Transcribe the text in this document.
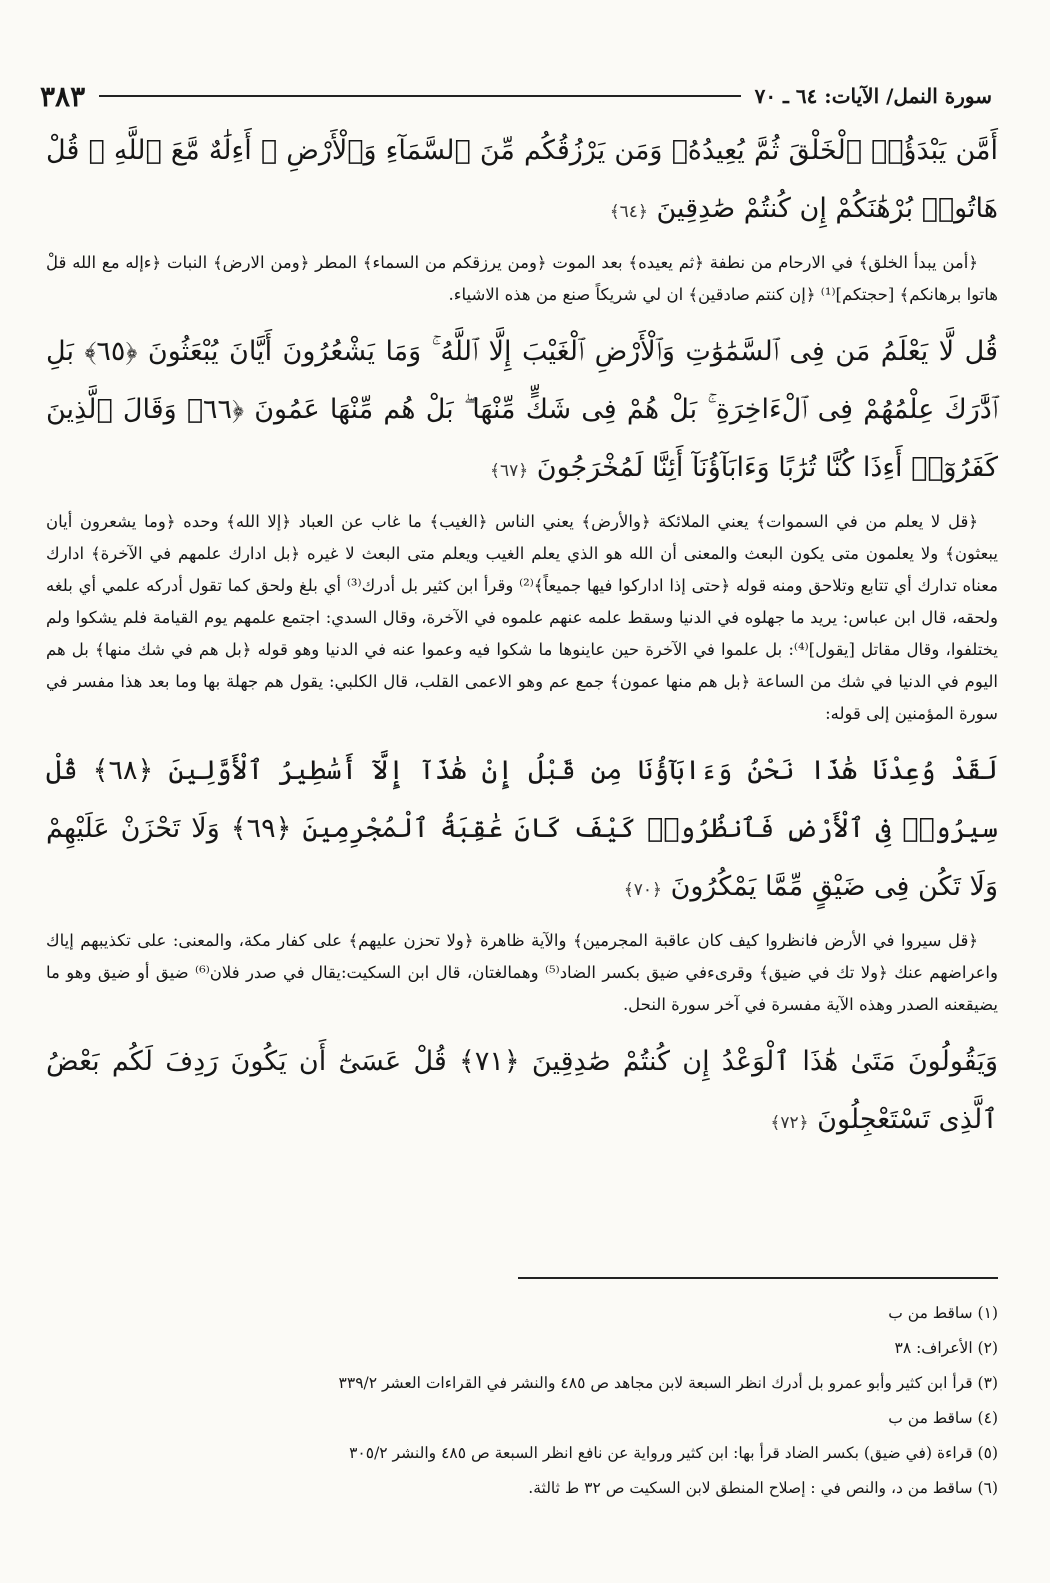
سورة النمل/ الآيات: ٦٤ ـ ٧٠
٣٨٣

أَمَّن يَبْدَؤُا۟ ٱلْخَلْقَ ثُمَّ يُعِيدُهُۥ وَمَن يَرْزُقُكُم مِّنَ ٱلسَّمَآءِ وَٱلْأَرْضِ ۗ أَءِلَٰهٌ مَّعَ ٱللَّهِ ۚ قُلْ هَاتُوا۟ بُرْهَٰنَكُمْ إِن كُنتُمْ صَٰدِقِينَ ﴿٦٤﴾

﴿أمن يبدأ الخلق﴾ في الارحام من نطفة ﴿ثم يعيده﴾ بعد الموت ﴿ومن يرزقكم من السماء﴾ المطر ﴿ومن الارض﴾ النبات ﴿ءإله مع الله قلْ هاتوا برهانكم﴾ [حجتكم]⁽¹⁾ ﴿إن كنتم صادقين﴾ ان لي شريكاً صنع من هذه الاشياء.

قُل لَّا يَعْلَمُ مَن فِى ٱلسَّمَٰوَٰتِ وَٱلْأَرْضِ ٱلْغَيْبَ إِلَّا ٱللَّهُ ۚ وَمَا يَشْعُرُونَ أَيَّانَ يُبْعَثُونَ ﴿٦٥﴾ بَلِ ٱدَّٰرَكَ عِلْمُهُمْ فِى ٱلْءَاخِرَةِ ۚ بَلْ هُمْ فِى شَكٍّ مِّنْهَا ۖ بَلْ هُم مِّنْهَا عَمُونَ ﴿٦٦﴾ وَقَالَ ٱلَّذِينَ كَفَرُوٓا۟ أَءِذَا كُنَّا تُرَٰبًا وَءَابَآؤُنَآ أَئِنَّا لَمُخْرَجُونَ ﴿٦٧﴾

﴿قل لا يعلم من في السموات﴾ يعني الملائكة ﴿والأرض﴾ يعني الناس ﴿الغيب﴾ ما غاب عن العباد ﴿إلا الله﴾ وحده ﴿وما يشعرون أيان يبعثون﴾ ولا يعلمون متى يكون البعث والمعنى أن الله هو الذي يعلم الغيب ويعلم متى البعث لا غيره ﴿بل ادارك علمهم في الآخرة﴾ ادارك معناه تدارك أي تتابع وتلاحق ومنه قوله ﴿حتى إذا اداركوا فيها جميعاً﴾⁽²⁾ وقرأ ابن كثير بل أدرك⁽³⁾ أي بلغ ولحق كما تقول أدركه علمي أي بلغه ولحقه، قال ابن عباس: يريد ما جهلوه في الدنيا وسقط علمه عنهم علموه في الآخرة، وقال السدي: اجتمع علمهم يوم القيامة فلم يشكوا ولم يختلفوا، وقال مقاتل [يقول]⁽⁴⁾: بل علموا في الآخرة حين عاينوها ما شكوا فيه وعموا عنه في الدنيا وهو قوله ﴿بل هم في شك منها﴾ بل هم اليوم في الدنيا في شك من الساعة ﴿بل هم منها عمون﴾ جمع عم وهو الاعمى القلب، قال الكلبي: يقول هم جهلة بها وما بعد هذا مفسر في سورة المؤمنين إلى قوله:

لَقَدْ وُعِدْنَا هَٰذَا نَحْنُ وَءَابَآؤُنَا مِن قَبْلُ إِنْ هَٰذَآ إِلَّآ أَسَٰطِيرُ ٱلْأَوَّلِينَ ﴿٦٨﴾ قُلْ سِيرُوا۟ فِى ٱلْأَرْضِ فَٱنظُرُوا۟ كَيْفَ كَانَ عَٰقِبَةُ ٱلْمُجْرِمِينَ ﴿٦٩﴾ وَلَا تَحْزَنْ عَلَيْهِمْ وَلَا تَكُن فِى ضَيْقٍ مِّمَّا يَمْكُرُونَ ﴿٧٠﴾

﴿قل سيروا في الأرض فانظروا كيف كان عاقبة المجرمين﴾ والآية ظاهرة ﴿ولا تحزن عليهم﴾ على كفار مكة، والمعنى: على تكذيبهم إياك واعراضهم عنك ﴿ولا تك في ضيق﴾ وقرىءفي ضيق بكسر الضاد⁽⁵⁾ وهمالغتان، قال ابن السكيت:يقال في صدر فلان⁽⁶⁾ ضيق أو ضيق وهو ما يضيقعنه الصدر وهذه الآية مفسرة في آخر سورة النحل.

وَيَقُولُونَ مَتَىٰ هَٰذَا ٱلْوَعْدُ إِن كُنتُمْ صَٰدِقِينَ ﴿٧١﴾ قُلْ عَسَىٰٓ أَن يَكُونَ رَدِفَ لَكُم بَعْضُ ٱلَّذِى تَسْتَعْجِلُونَ ﴿٧٢﴾

(١) ساقط من ب
(٢) الأعراف: ٣٨
(٣) قرأ ابن كثير وأبو عمرو بل أدرك انظر السبعة لابن مجاهد ص ٤٨٥ والنشر في القراءات العشر ٣٣٩/٢
(٤) ساقط من ب
(٥) قراءة (في ضيق) بكسر الضاد قرأ بها: ابن كثير ورواية عن نافع انظر السبعة ص ٤٨٥ والنشر ٣٠٥/٢
(٦) ساقط من د، والنص في : إصلاح المنطق لابن السكيت ص ٣٢ ط ثالثة.
